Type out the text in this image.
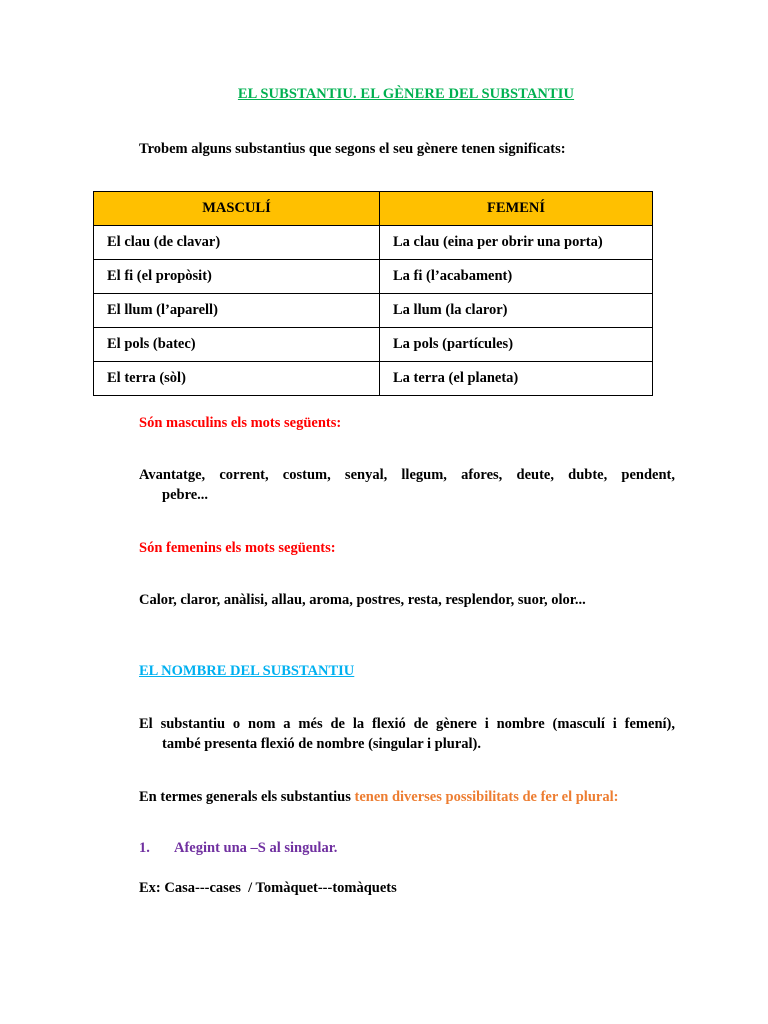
EL SUBSTANTIU. EL GÈNERE DEL SUBSTANTIU
Trobem alguns substantius que segons el seu gènere tenen significats:
MASCULÍ	FEMENÍ
El clau (de clavar)	La clau (eina per obrir una porta)
El fi (el propòsit)	La fi (l’acabament)
El llum (l’aparell)	La llum (la claror)
El pols (batec)	La pols (partícules)
El terra (sòl)	La terra (el planeta)
Són masculins els mots següents:
Avantatge, corrent, costum, senyal, llegum, afores, deute, dubte, pendent,
pebre...
Són femenins els mots següents:
Calor, claror, anàlisi, allau, aroma, postres, resta, resplendor, suor, olor...
EL NOMBRE DEL SUBSTANTIU
El substantiu o nom a més de la flexió de gènere i nombre (masculí i femení),
també presenta flexió de nombre (singular i plural).
En termes generals els substantius tenen diverses possibilitats de fer el plural:
1. Afegint una –S al singular.
Ex: Casa---cases  / Tomàquet---tomàquets
